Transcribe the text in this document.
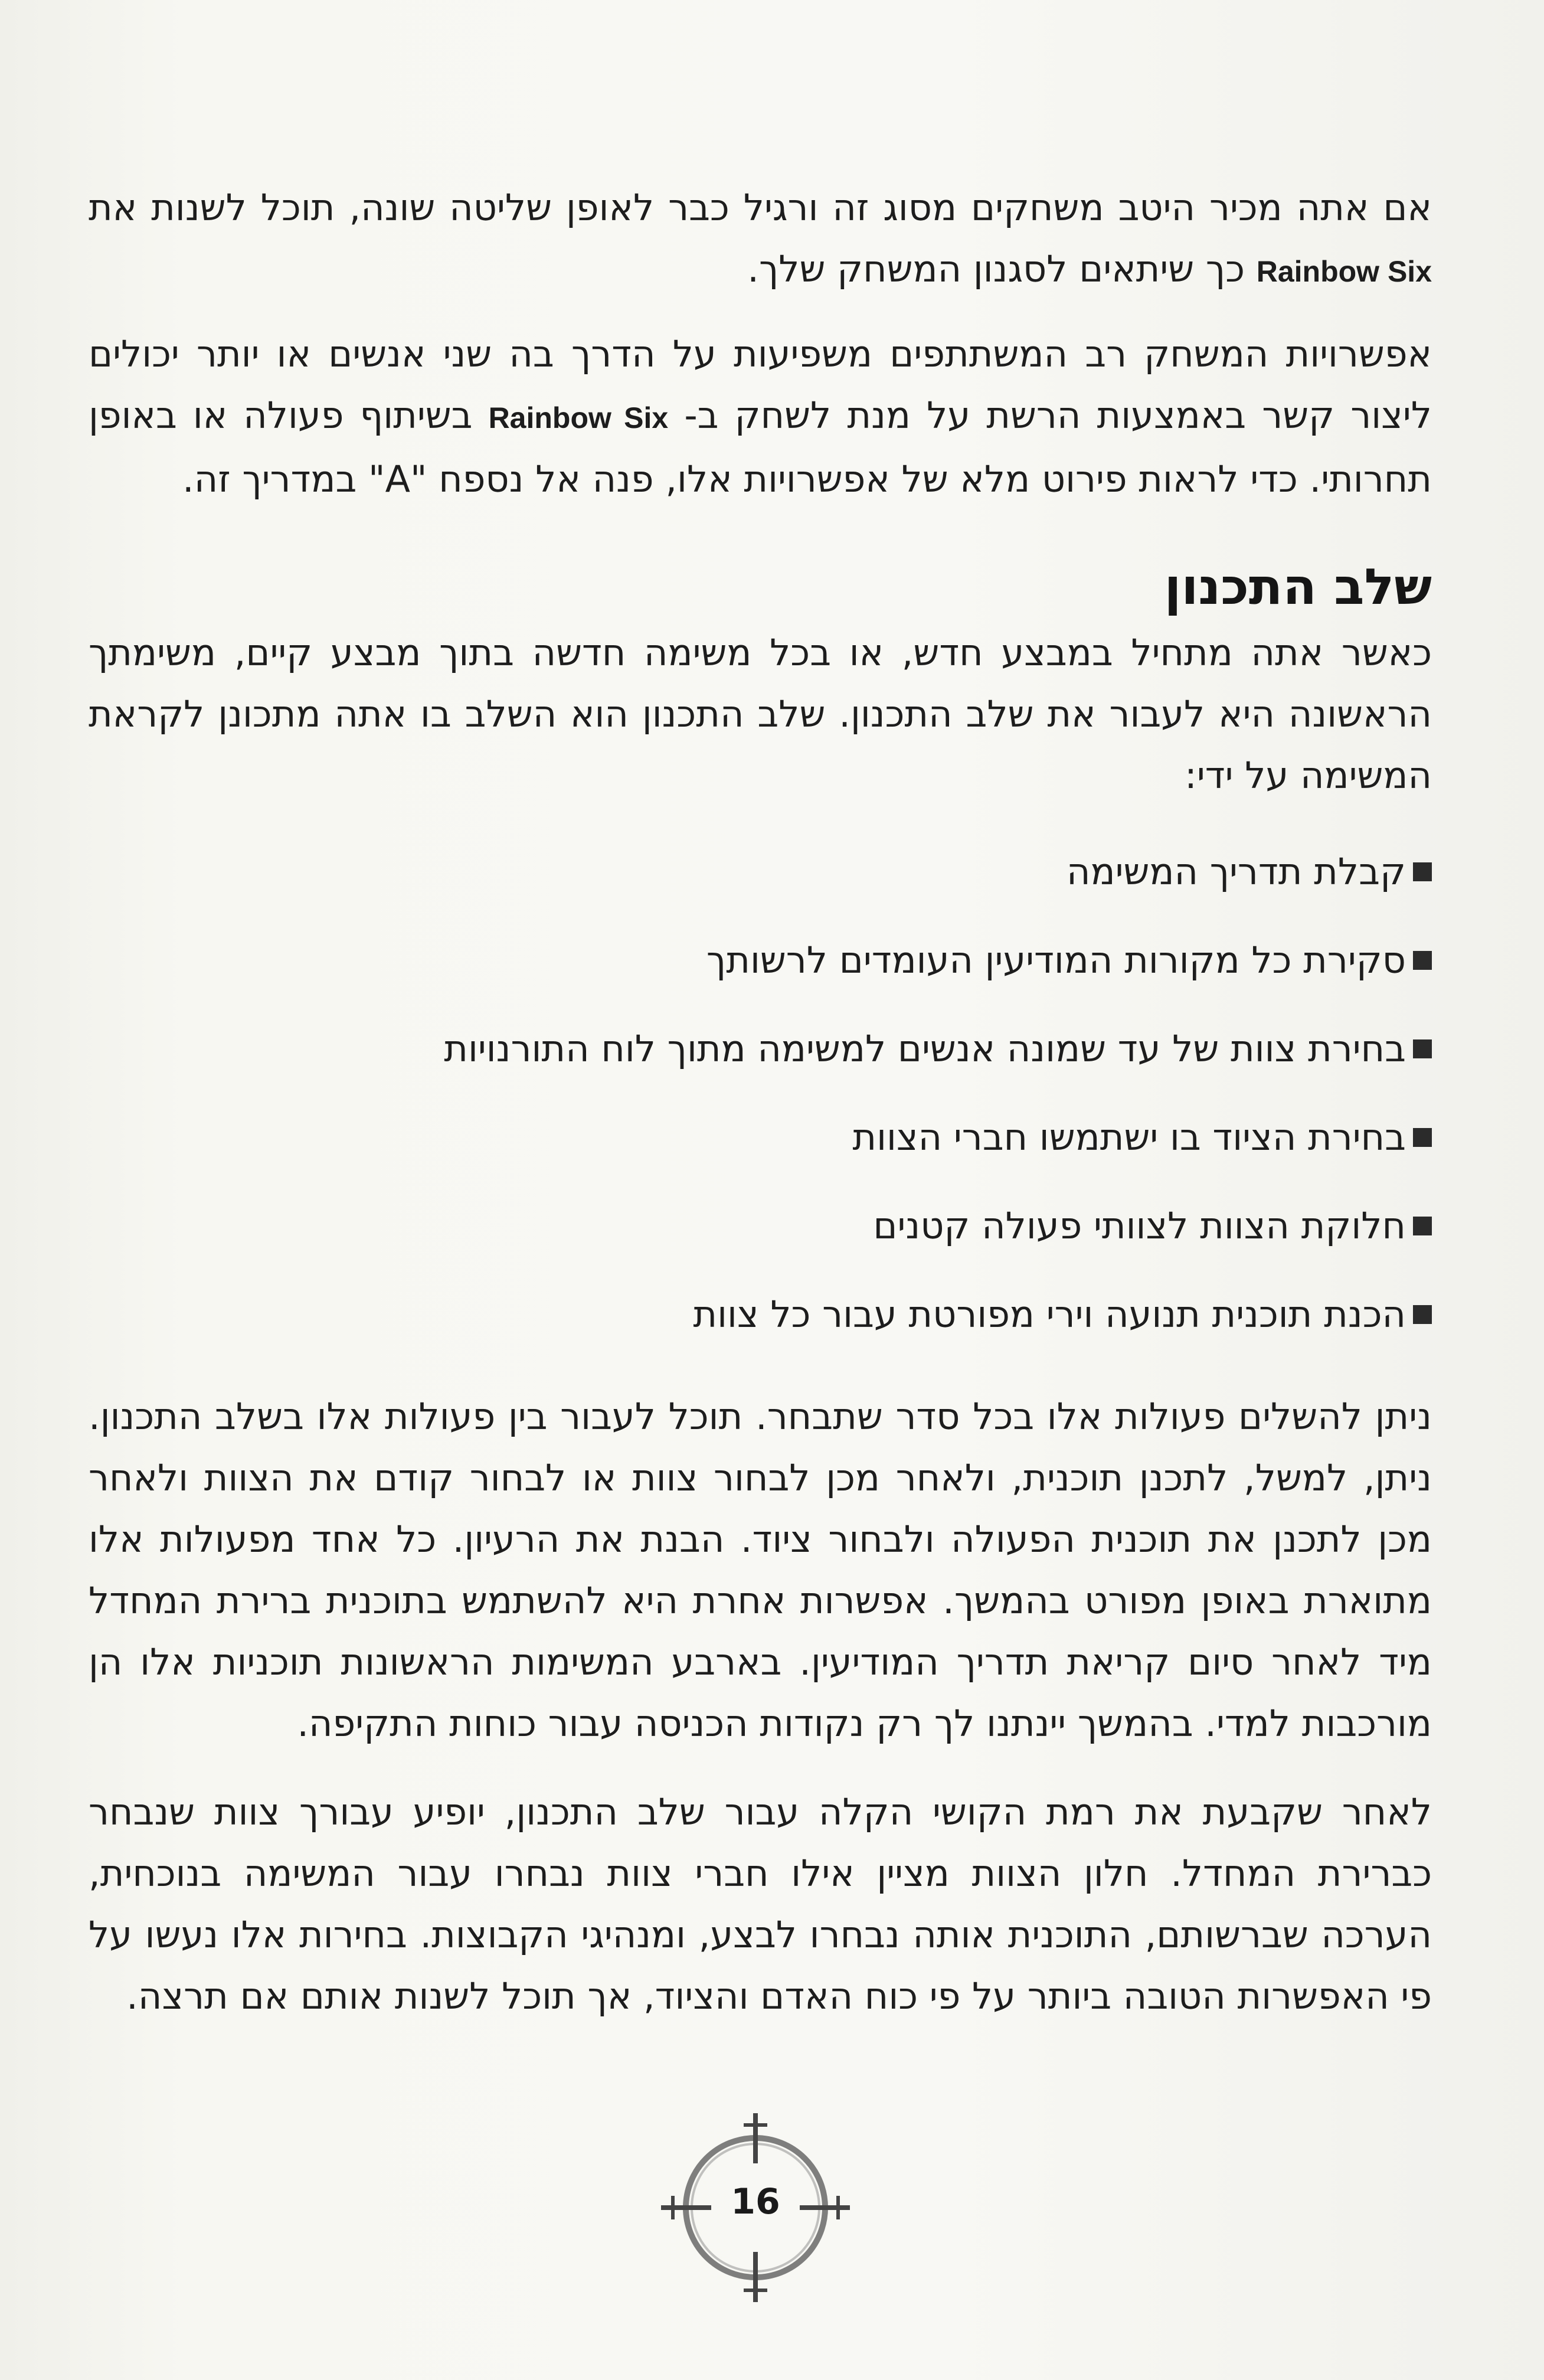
אם אתה מכיר היטב משחקים מסוג זה ורגיל כבר לאופן שליטה שונה, תוכל לשנות את Rainbow Six כך שיתאים לסגנון המשחק שלך.

אפשרויות המשחק רב המשתתפים משפיעות על הדרך בה שני אנשים או יותר יכולים ליצור קשר באמצעות הרשת על מנת לשחק ב- Rainbow Six בשיתוף פעולה או באופן תחרותי. כדי לראות פירוט מלא של אפשרויות אלו, פנה אל נספח "A" במדריך זה.

שלב התכנון

כאשר אתה מתחיל במבצע חדש, או בכל משימה חדשה בתוך מבצע קיים, משימתך הראשונה היא לעבור את שלב התכנון. שלב התכנון הוא השלב בו אתה מתכונן לקראת המשימה על ידי:

קבלת תדריך המשימה
סקירת כל מקורות המודיעין העומדים לרשותך
בחירת צוות של עד שמונה אנשים למשימה מתוך לוח התורנויות
בחירת הציוד בו ישתמשו חברי הצוות
חלוקת הצוות לצוותי פעולה קטנים
הכנת תוכנית תנועה וירי מפורטת עבור כל צוות

ניתן להשלים פעולות אלו בכל סדר שתבחר. תוכל לעבור בין פעולות אלו בשלב התכנון. ניתן, למשל, לתכנן תוכנית, ולאחר מכן לבחור צוות או לבחור קודם את הצוות ולאחר מכן לתכנן את תוכנית הפעולה ולבחור ציוד. הבנת את הרעיון. כל אחד מפעולות אלו מתוארת באופן מפורט בהמשך. אפשרות אחרת היא להשתמש בתוכנית ברירת המחדל מיד לאחר סיום קריאת תדריך המודיעין. בארבע המשימות הראשונות תוכניות אלו הן מורכבות למדי. בהמשך יינתנו לך רק נקודות הכניסה עבור כוחות התקיפה.

לאחר שקבעת את רמת הקושי הקלה עבור שלב התכנון, יופיע עבורך צוות שנבחר כברירת המחדל. חלון הצוות מציין אילו חברי צוות נבחרו עבור המשימה בנוכחית, הערכה שברשותם, התוכנית אותה נבחרו לבצע, ומנהיגי הקבוצות. בחירות אלו נעשו על פי האפשרות הטובה ביותר על פי כוח האדם והציוד, אך תוכל לשנות אותם אם תרצה.

16
